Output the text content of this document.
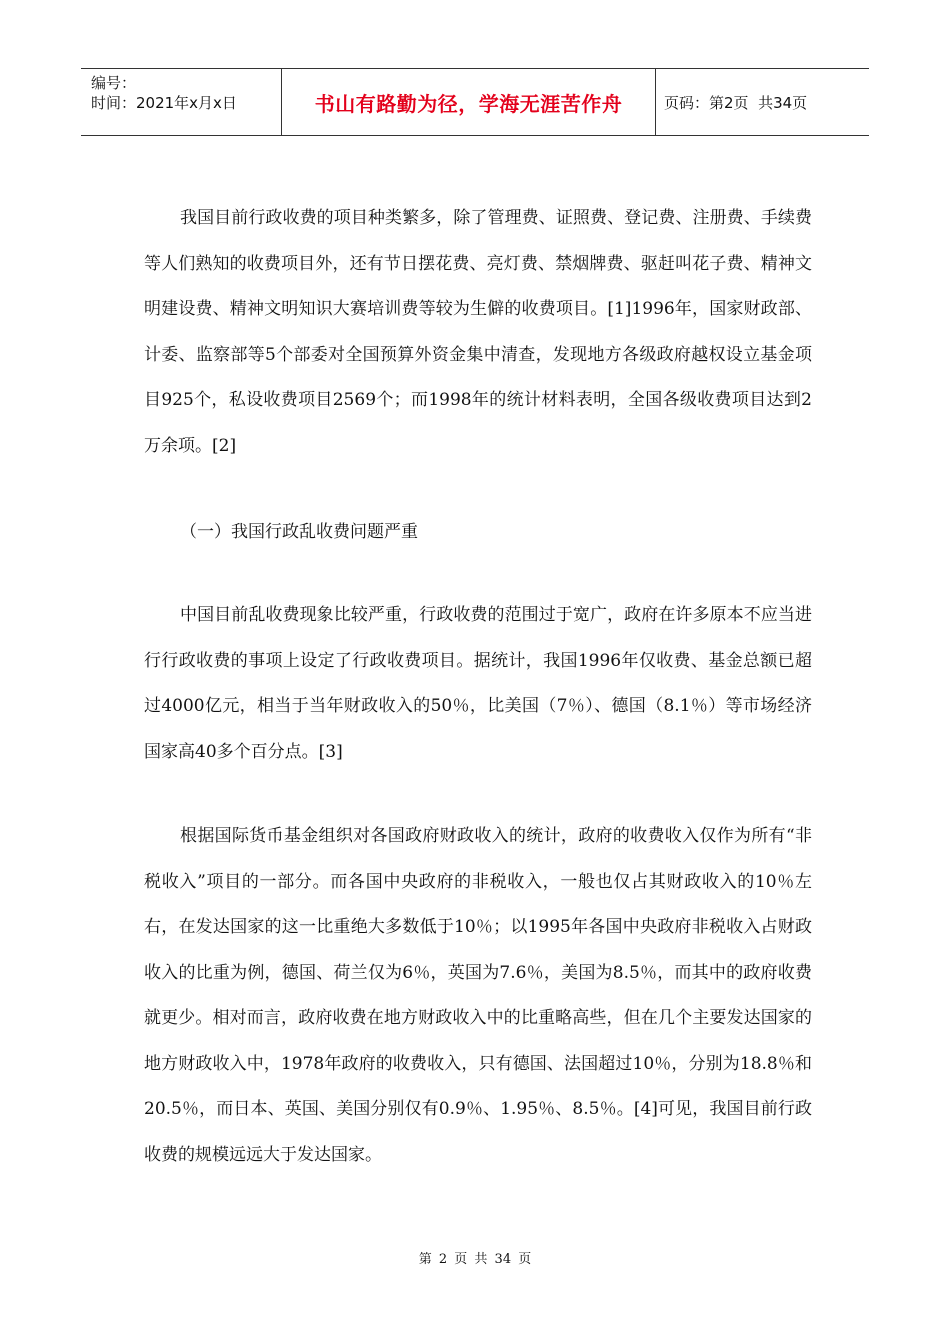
编号：
时间：2021年x月x日	书山有路勤为径，学海无涯苦作舟	页码：第2页  共34页

我国目前行政收费的项目种类繁多，除了管理费、证照费、登记费、注册费、手续费等人们熟知的收费项目外，还有节日摆花费、亮灯费、禁烟牌费、驱赶叫花子费、精神文明建设费、精神文明知识大赛培训费等较为生僻的收费项目。[1]1996年，国家财政部、计委、监察部等5个部委对全国预算外资金集中清查，发现地方各级政府越权设立基金项目925个，私设收费项目2569个；而1998年的统计材料表明，全国各级收费项目达到2万余项。[2]

（一）我国行政乱收费问题严重

中国目前乱收费现象比较严重，行政收费的范围过于宽广，政府在许多原本不应当进行行政收费的事项上设定了行政收费项目。据统计，我国1996年仅收费、基金总额已超过4000亿元，相当于当年财政收入的50％，比美国（7％）、德国（8.1％）等市场经济国家高40多个百分点。[3]

根据国际货币基金组织对各国政府财政收入的统计，政府的收费收入仅作为所有“非税收入”项目的一部分。而各国中央政府的非税收入，一般也仅占其财政收入的10％左右，在发达国家的这一比重绝大多数低于10％；以1995年各国中央政府非税收入占财政收入的比重为例，德国、荷兰仅为6％，英国为7.6％，美国为8.5％，而其中的政府收费就更少。相对而言，政府收费在地方财政收入中的比重略高些，但在几个主要发达国家的地方财政收入中，1978年政府的收费收入，只有德国、法国超过10％，分别为18.8％和20.5％，而日本、英国、美国分别仅有0.9％、1.95％、8.5％。[4]可见，我国目前行政收费的规模远远大于发达国家。

第 2 页 共 34 页
